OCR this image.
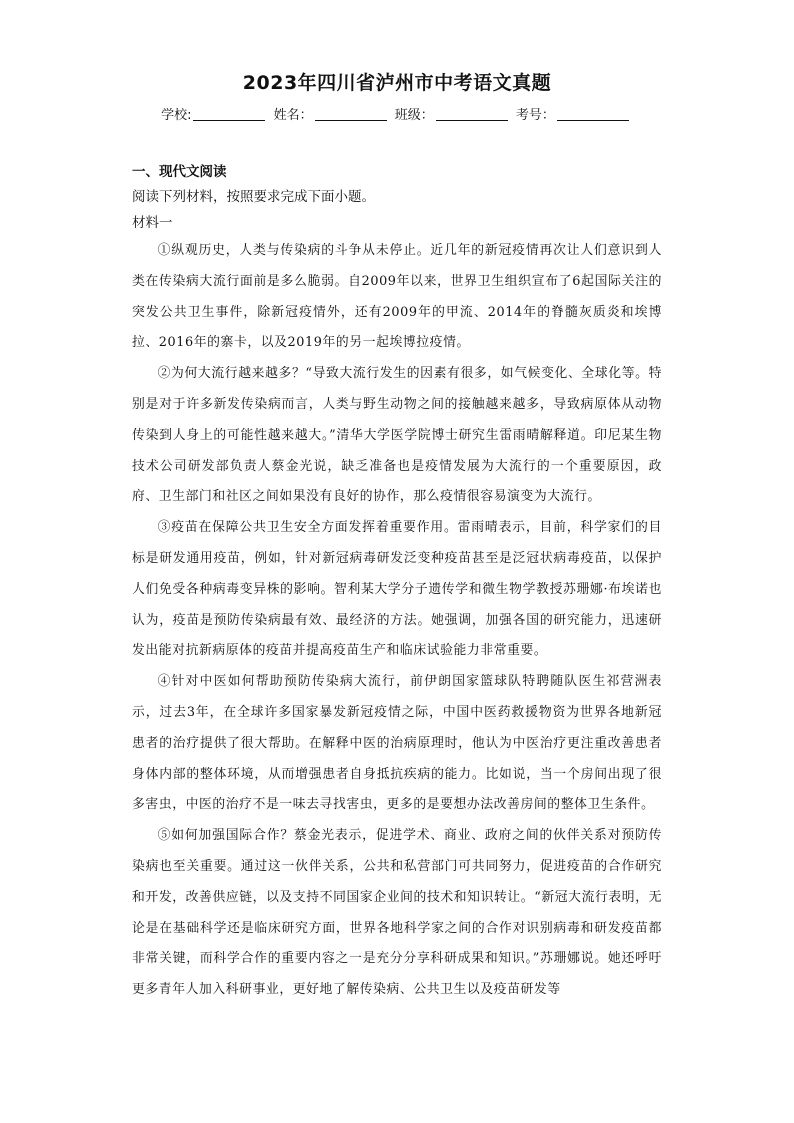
2023年四川省泸州市中考语文真题
学校:	姓名：	班级：	考号：

一、现代文阅读

阅读下列材料，按照要求完成下面小题。

材料一

①纵观历史，人类与传染病的斗争从未停止。近几年的新冠疫情再次让人们意识到人类在传染病大流行面前是多么脆弱。自2009年以来，世界卫生组织宣布了6起国际关注的突发公共卫生事件，除新冠疫情外，还有2009年的甲流、2014年的脊髓灰质炎和埃博拉、2016年的寨卡，以及2019年的另一起埃博拉疫情。

②为何大流行越来越多？“导致大流行发生的因素有很多，如气候变化、全球化等。特别是对于许多新发传染病而言，人类与野生动物之间的接触越来越多，导致病原体从动物传染到人身上的可能性越来越大。”清华大学医学院博士研究生雷雨晴解释道。印尼某生物技术公司研发部负责人蔡金光说，缺乏准备也是疫情发展为大流行的一个重要原因，政府、卫生部门和社区之间如果没有良好的协作，那么疫情很容易演变为大流行。

③疫苗在保障公共卫生安全方面发挥着重要作用。雷雨晴表示，目前，科学家们的目标是研发通用疫苗，例如，针对新冠病毒研发泛变种疫苗甚至是泛冠状病毒疫苗，以保护人们免受各种病毒变异株的影响。智利某大学分子遗传学和微生物学教授苏珊娜·布埃诺也认为，疫苗是预防传染病最有效、最经济的方法。她强调，加强各国的研究能力，迅速研发出能对抗新病原体的疫苗并提高疫苗生产和临床试验能力非常重要。

④针对中医如何帮助预防传染病大流行，前伊朗国家篮球队特聘随队医生祁营洲表示，过去3年，在全球许多国家暴发新冠疫情之际，中国中医药救援物资为世界各地新冠患者的治疗提供了很大帮助。在解释中医的治病原理时，他认为中医治疗更注重改善患者身体内部的整体环境，从而增强患者自身抵抗疾病的能力。比如说，当一个房间出现了很多害虫，中医的治疗不是一味去寻找害虫，更多的是要想办法改善房间的整体卫生条件。

⑤如何加强国际合作？蔡金光表示，促进学术、商业、政府之间的伙伴关系对预防传染病也至关重要。通过这一伙伴关系，公共和私营部门可共同努力，促进疫苗的合作研究和开发，改善供应链，以及支持不同国家企业间的技术和知识转让。“新冠大流行表明，无论是在基础科学还是临床研究方面，世界各地科学家之间的合作对识别病毒和研发疫苗都非常关键，而科学合作的重要内容之一是充分分享科研成果和知识。”苏珊娜说。她还呼吁更多青年人加入科研事业，更好地了解传染病、公共卫生以及疫苗研发等
